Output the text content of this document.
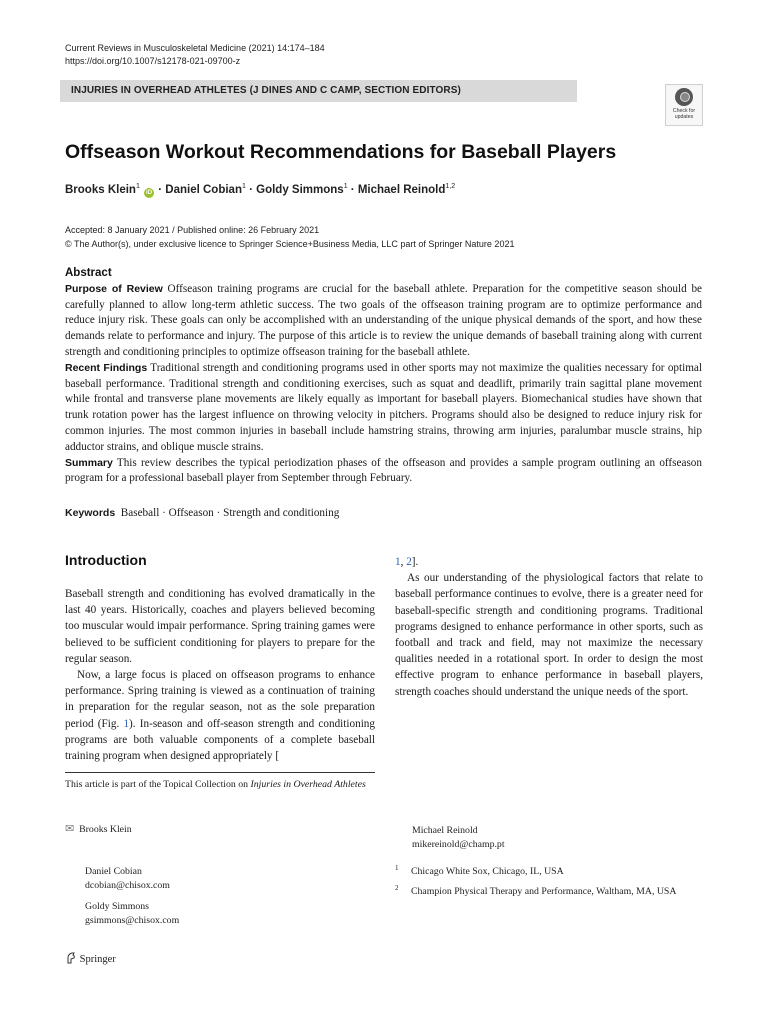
Current Reviews in Musculoskeletal Medicine (2021) 14:174–184
https://doi.org/10.1007/s12178-021-09700-z
INJURIES IN OVERHEAD ATHLETES (J DINES AND C CAMP, SECTION EDITORS)
Check for
updates
Offseason Workout Recommendations for Baseball Players
Brooks Klein$^1$ iD · Daniel Cobian$^1$ · Goldy Simmons$^1$ · Michael Reinold$^{1,2}$
Accepted: 8 January 2021 / Published online: 26 February 2021
© The Author(s), under exclusive licence to Springer Science+Business Media, LLC part of Springer Nature 2021
Abstract

Purpose of Review Offseason training programs are crucial for the baseball athlete. Preparation for the competitive season should be carefully planned to allow long-term athletic success. The two goals of the offseason training program are to optimize performance and reduce injury risk. These goals can only be accomplished with an understanding of the unique physical demands of the sport, and how these demands relate to performance and injury. The purpose of this article is to review the unique demands of baseball training along with current strength and conditioning principles to optimize offseason training for the baseball athlete.

Recent Findings Traditional strength and conditioning programs used in other sports may not maximize the qualities necessary for optimal baseball performance. Traditional strength and conditioning exercises, such as squat and deadlift, primarily train sagittal plane movement while frontal and transverse plane movements are likely equally as important for baseball players. Biomechanical studies have shown that trunk rotation power has the largest influence on throwing velocity in pitchers. Programs should also be designed to reduce injury risk for common injuries. The most common injuries in baseball include hamstring strains, throwing arm injuries, paralumbar muscle strains, hip adductor strains, and oblique muscle strains.

Summary This review describes the typical periodization phases of the offseason and provides a sample program outlining an offseason program for a professional baseball player from September through February.

Keywords Baseball · Offseason · Strength and conditioning
Introduction

Baseball strength and conditioning has evolved dramatically in the last 40 years. Historically, coaches and players believed becoming too muscular would impair performance. Spring training games were believed to be sufficient conditioning for players to prepare for the regular season.

Now, a large focus is placed on offseason programs to enhance performance. Spring training is viewed as a continuation of training in preparation for the regular season, not as the sole preparation period (Fig. 1). In-season and off-season strength and conditioning programs are both valuable components of a complete baseball training program when designed appropriately [

1, 2].

As our understanding of the physiological factors that relate to baseball performance continues to evolve, there is a greater need for baseball-specific strength and conditioning programs. Traditional programs designed to enhance performance in other sports, such as football and track and field, may not maximize the necessary qualities needed in a rotational sport. In order to design the most effective program to enhance performance in baseball players, strength coaches should understand the unique needs of the sport.

This article is part of the Topical Collection on Injuries in Overhead Athletes
✉ Brooks Klein
Daniel Cobian
dcobian@chisox.com
Goldy Simmons
gsimmons@chisox.com
Michael Reinold
mikereinold@champ.pt
$^1$ Chicago White Sox, Chicago, IL, USA
$^2$ Champion Physical Therapy and Performance, Waltham, MA, USA
Springer
